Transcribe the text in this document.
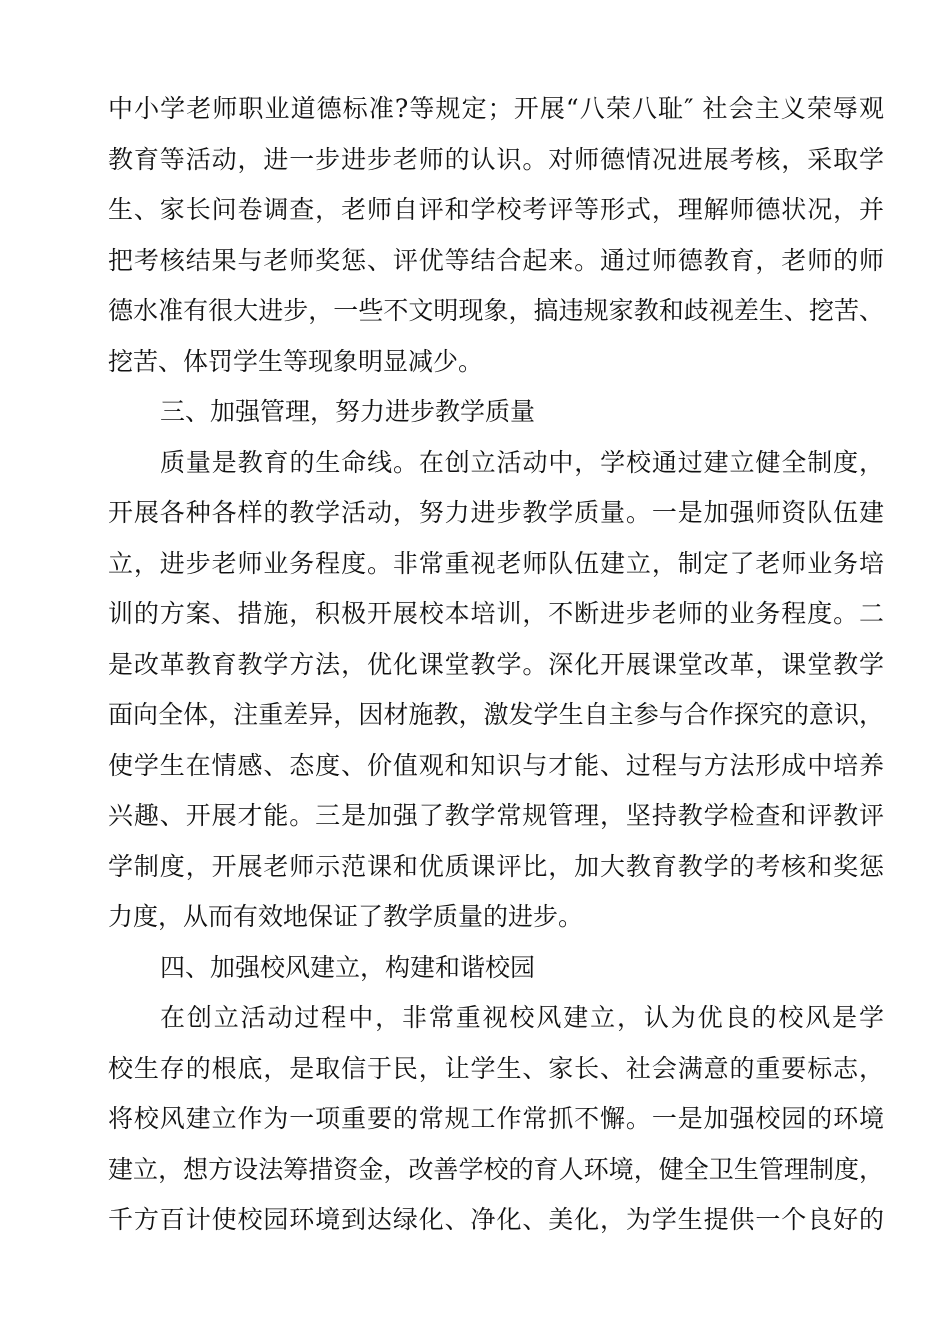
中小学老师职业道德标准?等规定；开展“八荣八耻″ 社会主义荣辱观
教育等活动，进一步进步老师的认识。对师德情况进展考核，采取学
生、家长问卷调查，老师自评和学校考评等形式，理解师德状况，并
把考核结果与老师奖惩、评优等结合起来。通过师德教育，老师的师
德水准有很大进步，一些不文明现象，搞违规家教和歧视差生、挖苦、
挖苦、体罚学生等现象明显减少。
三、加强管理，努力进步教学质量
质量是教育的生命线。在创立活动中，学校通过建立健全制度，
开展各种各样的教学活动，努力进步教学质量。一是加强师资队伍建
立，进步老师业务程度。非常重视老师队伍建立，制定了老师业务培
训的方案、措施，积极开展校本培训，不断进步老师的业务程度。二
是改革教育教学方法，优化课堂教学。深化开展课堂改革，课堂教学
面向全体，注重差异，因材施教，激发学生自主参与合作探究的意识，
使学生在情感、态度、价值观和知识与才能、过程与方法形成中培养
兴趣、开展才能。三是加强了教学常规管理，坚持教学检查和评教评
学制度，开展老师示范课和优质课评比，加大教育教学的考核和奖惩
力度，从而有效地保证了教学质量的进步。
四、加强校风建立，构建和谐校园
在创立活动过程中，非常重视校风建立，认为优良的校风是学
校生存的根底，是取信于民，让学生、家长、社会满意的重要标志，
将校风建立作为一项重要的常规工作常抓不懈。一是加强校园的环境
建立，想方设法筹措资金，改善学校的育人环境，健全卫生管理制度，
千方百计使校园环境到达绿化、净化、美化，为学生提供一个良好的
